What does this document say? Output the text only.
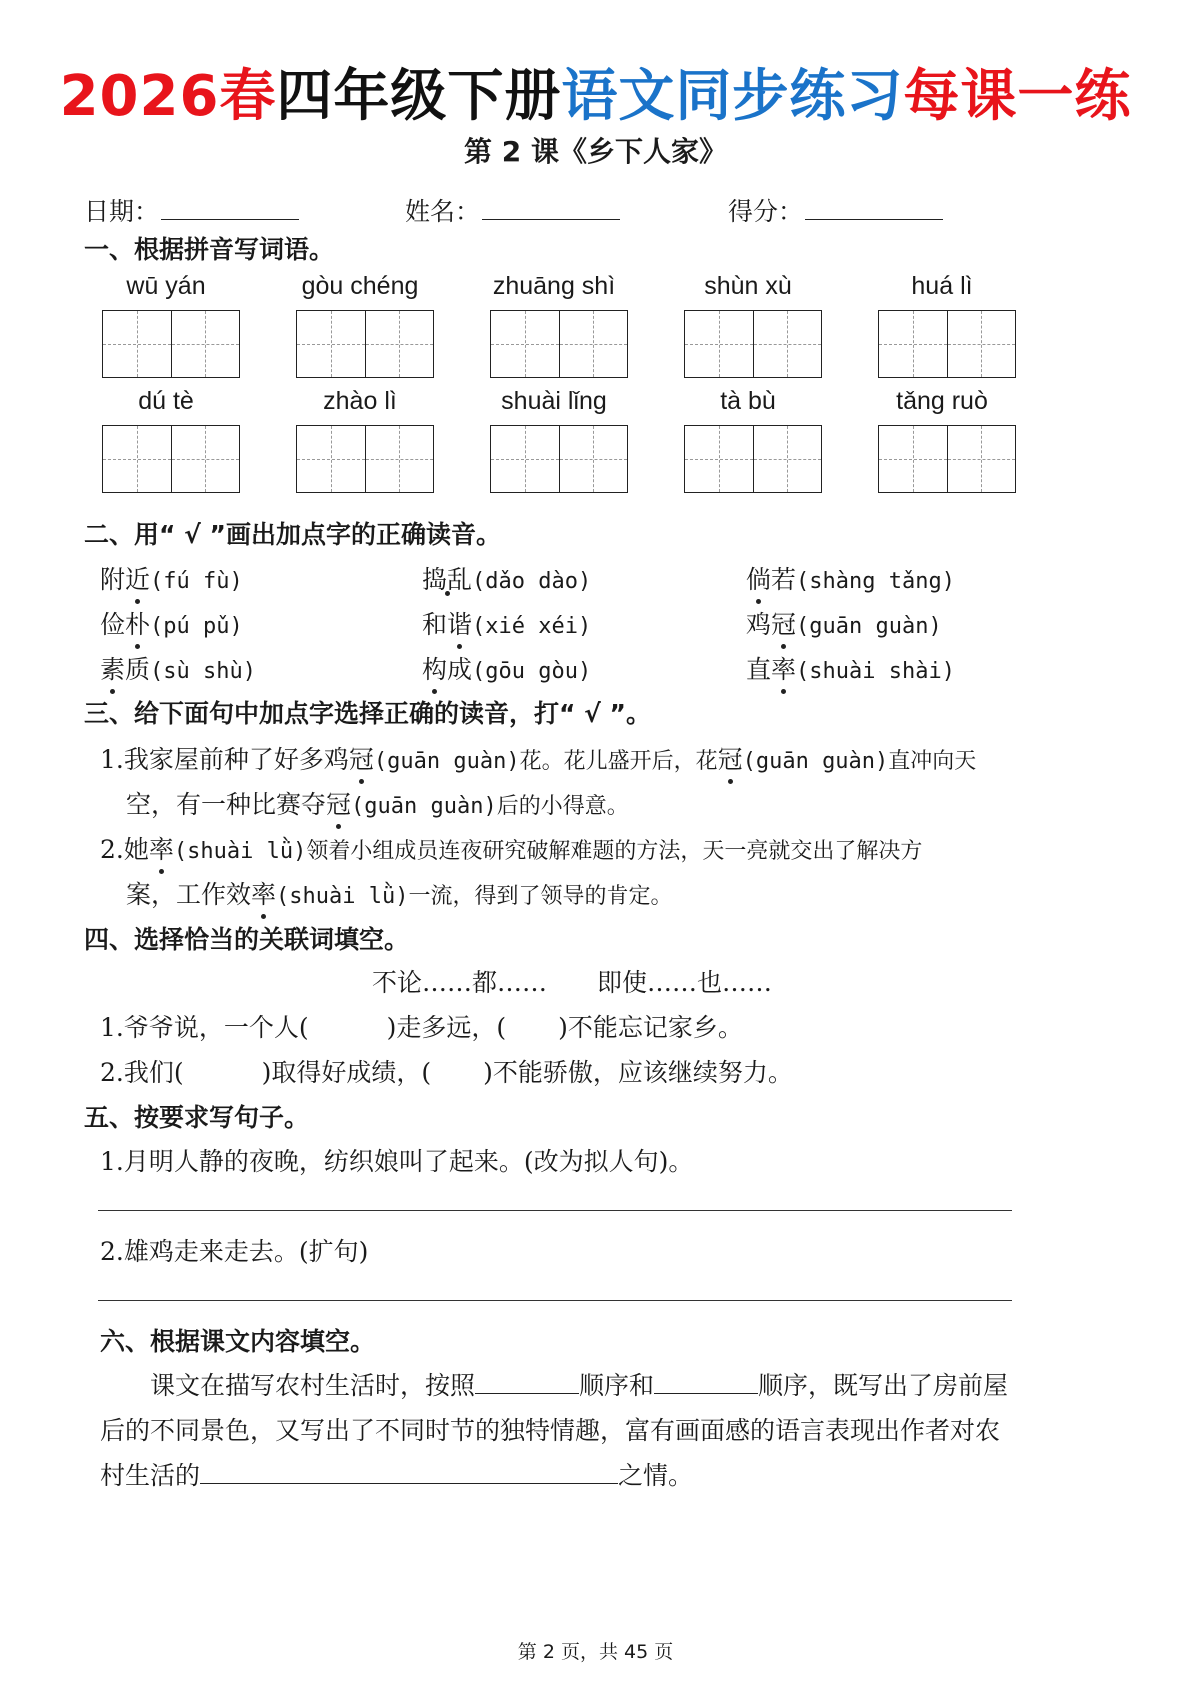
2026春四年级下册语文同步练习每课一练
第 2 课《乡下人家》
日期：	姓名：	得分：
一、根据拼音写词语。
wū yán	gòu chéng	zhuāng shì	shùn xù	huá lì
dú tè	zhào lì	shuài lǐng	tà bù	tǎng ruò
二、用“ √ ”画出加点字的正确读音。
附近(fú fù)	捣乱(dǎo dào)	倘若(shàng tǎng)
俭朴(pú pǔ)	和谐(xié xéi)	鸡冠(guān guàn)
素质(sù shù)	构成(gōu gòu)	直率(shuài shài)
三、给下面句中加点字选择正确的读音，打“ √ ”。
1.我家屋前种了好多鸡冠(guān guàn)花。花儿盛开后，花冠(guān guàn)直冲向天
空，有一种比赛夺冠(guān guàn)后的小得意。
2.她率(shuài lǜ)领着小组成员连夜研究破解难题的方法，天一亮就交出了解决方
案，工作效率(shuài lǜ)一流，得到了领导的肯定。
四、选择恰当的关联词填空。
不论……都……　　即使……也……
1.爷爷说，一个人(	)走多远，( )不能忘记家乡。
2.我们(	)取得好成绩，( )不能骄傲，应该继续努力。
五、按要求写句子。
1.月明人静的夜晚，纺织娘叫了起来。(改为拟人句)。
2.雄鸡走来走去。(扩句)
六、根据课文内容填空。
课文在描写农村生活时，按照	顺序和	顺序，既写出了房前屋
后的不同景色，又写出了不同时节的独特情趣，富有画面感的语言表现出作者对农
村生活的	之情。
第 2 页，共 45 页
